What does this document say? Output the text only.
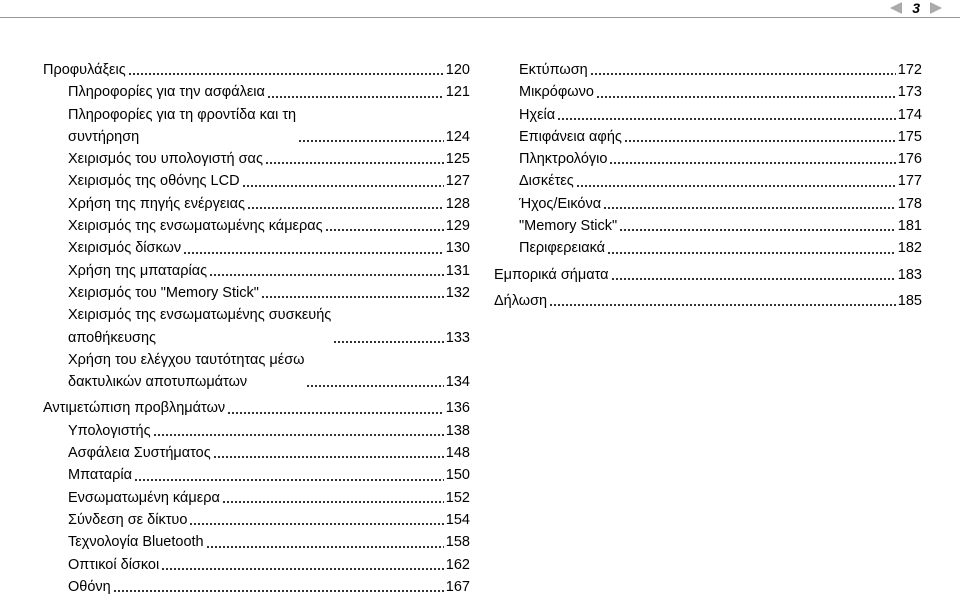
3
Προφυλάξεις	120
Πληροφορίες για την ασφάλεια	121
Πληροφορίες για τη φροντίδα και τη
συντήρηση	124
Χειρισμός του υπολογιστή σας	125
Χειρισμός της οθόνης LCD	127
Χρήση της πηγής ενέργειας	128
Χειρισμός της ενσωματωμένης κάμερας	129
Χειρισμός δίσκων	130
Χρήση της μπαταρίας	131
Χειρισμός του "Memory Stick"	132
Χειρισμός της ενσωματωμένης συσκευής
αποθήκευσης	133
Χρήση του ελέγχου ταυτότητας μέσω
δακτυλικών αποτυπωμάτων	134
Αντιμετώπιση προβλημάτων	136
Υπολογιστής	138
Ασφάλεια Συστήματος	148
Μπαταρία	150
Ενσωματωμένη κάμερα	152
Σύνδεση σε δίκτυο	154
Τεχνολογία Bluetooth	158
Οπτικοί δίσκοι	162
Οθόνη	167
Εκτύπωση	172
Μικρόφωνο	173
Ηχεία	174
Επιφάνεια αφής	175
Πληκτρολόγιο	176
Δισκέτες	177
Ήχος/Εικόνα	178
"Memory Stick"	181
Περιφερειακά	182
Εμπορικά σήματα	183
Δήλωση	185
